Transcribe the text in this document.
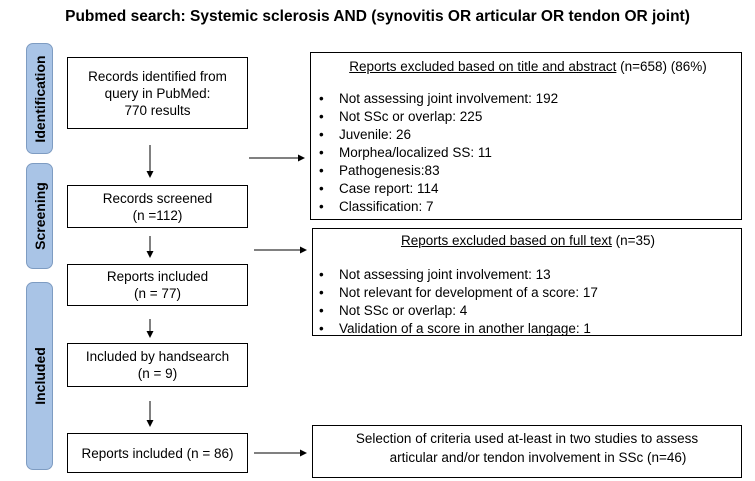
Pubmed search: Systemic sclerosis AND (synovitis OR articular OR tendon OR joint)
Identification
Screening
Included
Records identified from
query in PubMed:
770 results
Records screened
(n =112)
Reports included
(n = 77)
Included by handsearch
(n = 9)
Reports included (n = 86)
Reports excluded based on title and abstract (n=658) (86%)
• Not assessing joint involvement: 192
• Not SSc or overlap: 225
• Juvenile: 26
• Morphea/localized SS: 11
• Pathogenesis:83
• Case report: 114
• Classification: 7
Reports excluded based on full text (n=35)
• Not assessing joint involvement: 13
• Not relevant for development of a score: 17
• Not SSc or overlap: 4
• Validation of a score in another langage: 1
Selection of criteria used at-least in two studies to assess
articular and/or tendon involvement in SSc (n=46)
